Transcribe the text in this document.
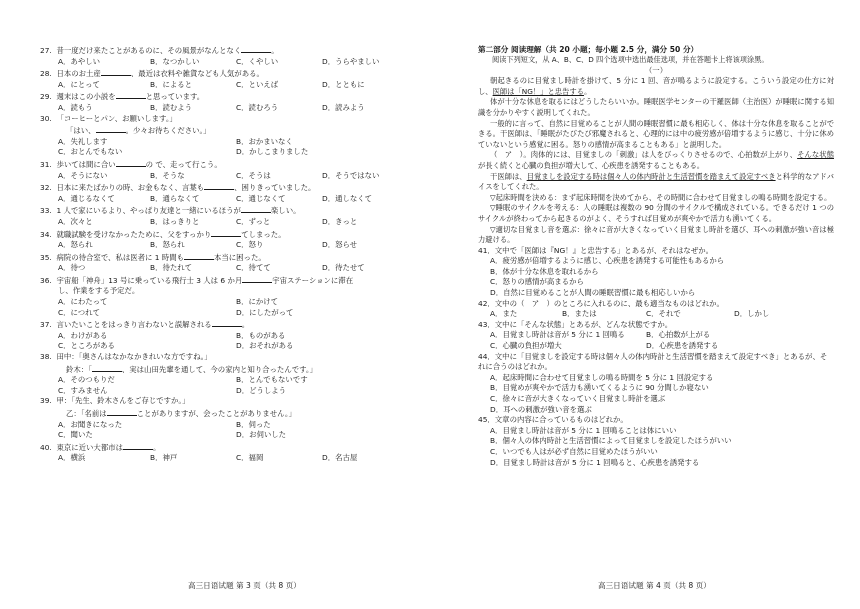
27. 昔一度だけ来たことがあるのに、その風景がなんとなく	。
A．あやしい	B．なつかしい	C．くやしい	D．うらやましい
28. 日本のお土産	、最近は衣料や雑貨なども人気がある。
A．にとって	B．によると	C．といえば	D．とともに
29. 週末はこの小説を	と思っています。
A．読もう	B．読むよう	C．読むろう	D．読みよう
30. 「コーヒーとパン、お願いします。」
「はい、	。少々お待ちください。」
A．失礼します	B．おかまいなく
C．おとんでもない	D．かしこまりました
31. 歩いては間に合い	の で、走って行こう。
A．そうにない	B．そうな	C．そうは	D．そうではない
32. 日本に来たばかりの時、お金もなく、言葉も	、困りきっていました。
A．通じるなくて	B．通らなくて	C．通じなくて	D．通しなくて
33. 1 人で家にいるより、やっぱり友達と一緒にいるほうが	楽しい。
A．次々と	B．はっきりと	C．ずっと	D．きっと
34. 就職試験を受けなかったために、父をすっかり	てしまった。
A．怒られ	B．怒られ	C．怒り	D．怒らせ
35. 病院の待合室で、私は医者に 1 時間も	本当に困った。
A．待つ	B．待たれて	C．待てて	D．待たせて
36. 宇宙船「神舟」13 号に乗っている飛行士 3 人は 6 か月	宇宙ステーションに滞在
し、作業をする予定だ。
A．にわたって	B．にかけて
C．につれて	D．にしたがって
37. 言いたいことをはっきり言わないと誤解される	。
A．わけがある	B．ものがある
C．ところがある	D．おそれがある
38. 田中：「奥さんはなかなかきれいな方ですね。」
鈴木：「	、実は山田先輩を通して、今の家内と知り合ったんです。」
A．そのつもりだ	B．とんでもないです
C．すみません	D．どうしよう
39. 甲：「先生、鈴木さんをご存じですか。」
乙：「名前は	ことがありますが、会ったことがありません。」
A．お聞きになった	B．伺った
C．聞いた	D．お伺いした
40. 東京に近い大都市は	。
A．横浜	B．神戸	C．福岡	D．名古屋
高三日语试题 第 3 页（共 8 页）
第二部分 阅读理解（共 20 小题；每小题 2.5 分，满分 50 分）
阅读下列短文，从 A、B、C、D 四个选项中选出最佳选项，并在答题卡上将该项涂黑。
（一）
朝起きるのに目覚まし時計を掛けて、5 分に 1 回、音が鳴るように設定する。こういう設定の仕方に対し、医師は「NG！」と忠告する。
体が十分な休息を取るにはどうしたらいいか。睡眠医学センターの干羅医師（主治医）が睡眠に関する知識を分かりやすく説明してくれた。
一般的に言って、自然に目覚めることが人間の睡眠習慣に最も相応しく、体は十分な休息を取ることができる。干医師は、「睡眠がたびたび邪魔されると、心理的には中の疲労感が倍増するように感じ、十分に休めていないという感覚に困る。怒りの感情が高まることもある」と説明した。
（　ア　）。肉体的には、目覚ましの「刺激」は人をびっくりさせるので、心拍数が上がり、そんな状態が長く続くと心臓の負担が増大して、心疾患を誘発することもある。
干医師は、目覚ましを設定する時は個々人の体内時計と生活習慣を踏まえて設定すべきと科学的なアドバイスをしてくれた。
▽起床時間を決める：まず起床時間を決めてから、その時間に合わせて目覚ましの鳴る時間を設定する。
▽睡眠のサイクルを考える：人の睡眠は複数の 90 分間のサイクルで構成されている。できるだけ 1 つのサイクルが終わってから起きるのがよく、そうすれば目覚めが爽やかで活力も湧いてくる。
▽適切な目覚まし音を選ぶ：徐々に音が大きくなっていく目覚まし時計を選び、耳への刺激が強い音は極力避ける。
41．文中で「医師は『NG！』と忠告する」とあるが、それはなぜか。
A．疲労感が倍増するように感じ、心疾患を誘発する可能性もあるから
B．体が十分な休息を取れるから
C．怒りの感情が高まるから
D．自然に目覚めることが人間の睡眠習慣に最も相応しいから
42．文中の（　ア　）のところに入れるのに、最も適当なものはどれか。
A．また	B．または	C．それで	D．しかし
43．文中に「そんな状態」とあるが、どんな状態ですか。
A．目覚まし時計は音が 5 分に 1 回鳴る	B．心拍数が上がる
C．心臓の負担が増大	D．心疾患を誘発する
44．文中に「目覚ましを設定する時は個々人の体内時計と生活習慣を踏まえて設定すべき」とあるが、それに合うのはどれか。
A．起床時間に合わせて目覚ましの鳴る時間を 5 分に 1 回設定する
B．目覚めが爽やかで活力も湧いてくるように 90 分間しか寝ない
C．徐々に音が大きくなっていく目覚まし時計を選ぶ
D．耳への刺激が強い音を選ぶ
45．文章の内容に合っているものはどれか。
A．目覚まし時計は音が 5 分に 1 回鳴ることは体にいい
B．個々人の体内時計と生活習慣によって目覚ましを設定したほうがいい
C．いつでも人はが必ず自然に目覚めたほうがいい
D．目覚まし時計は音が 5 分に 1 回鳴ると、心疾患を誘発する
高三日语试题 第 4 页（共 8 页）
